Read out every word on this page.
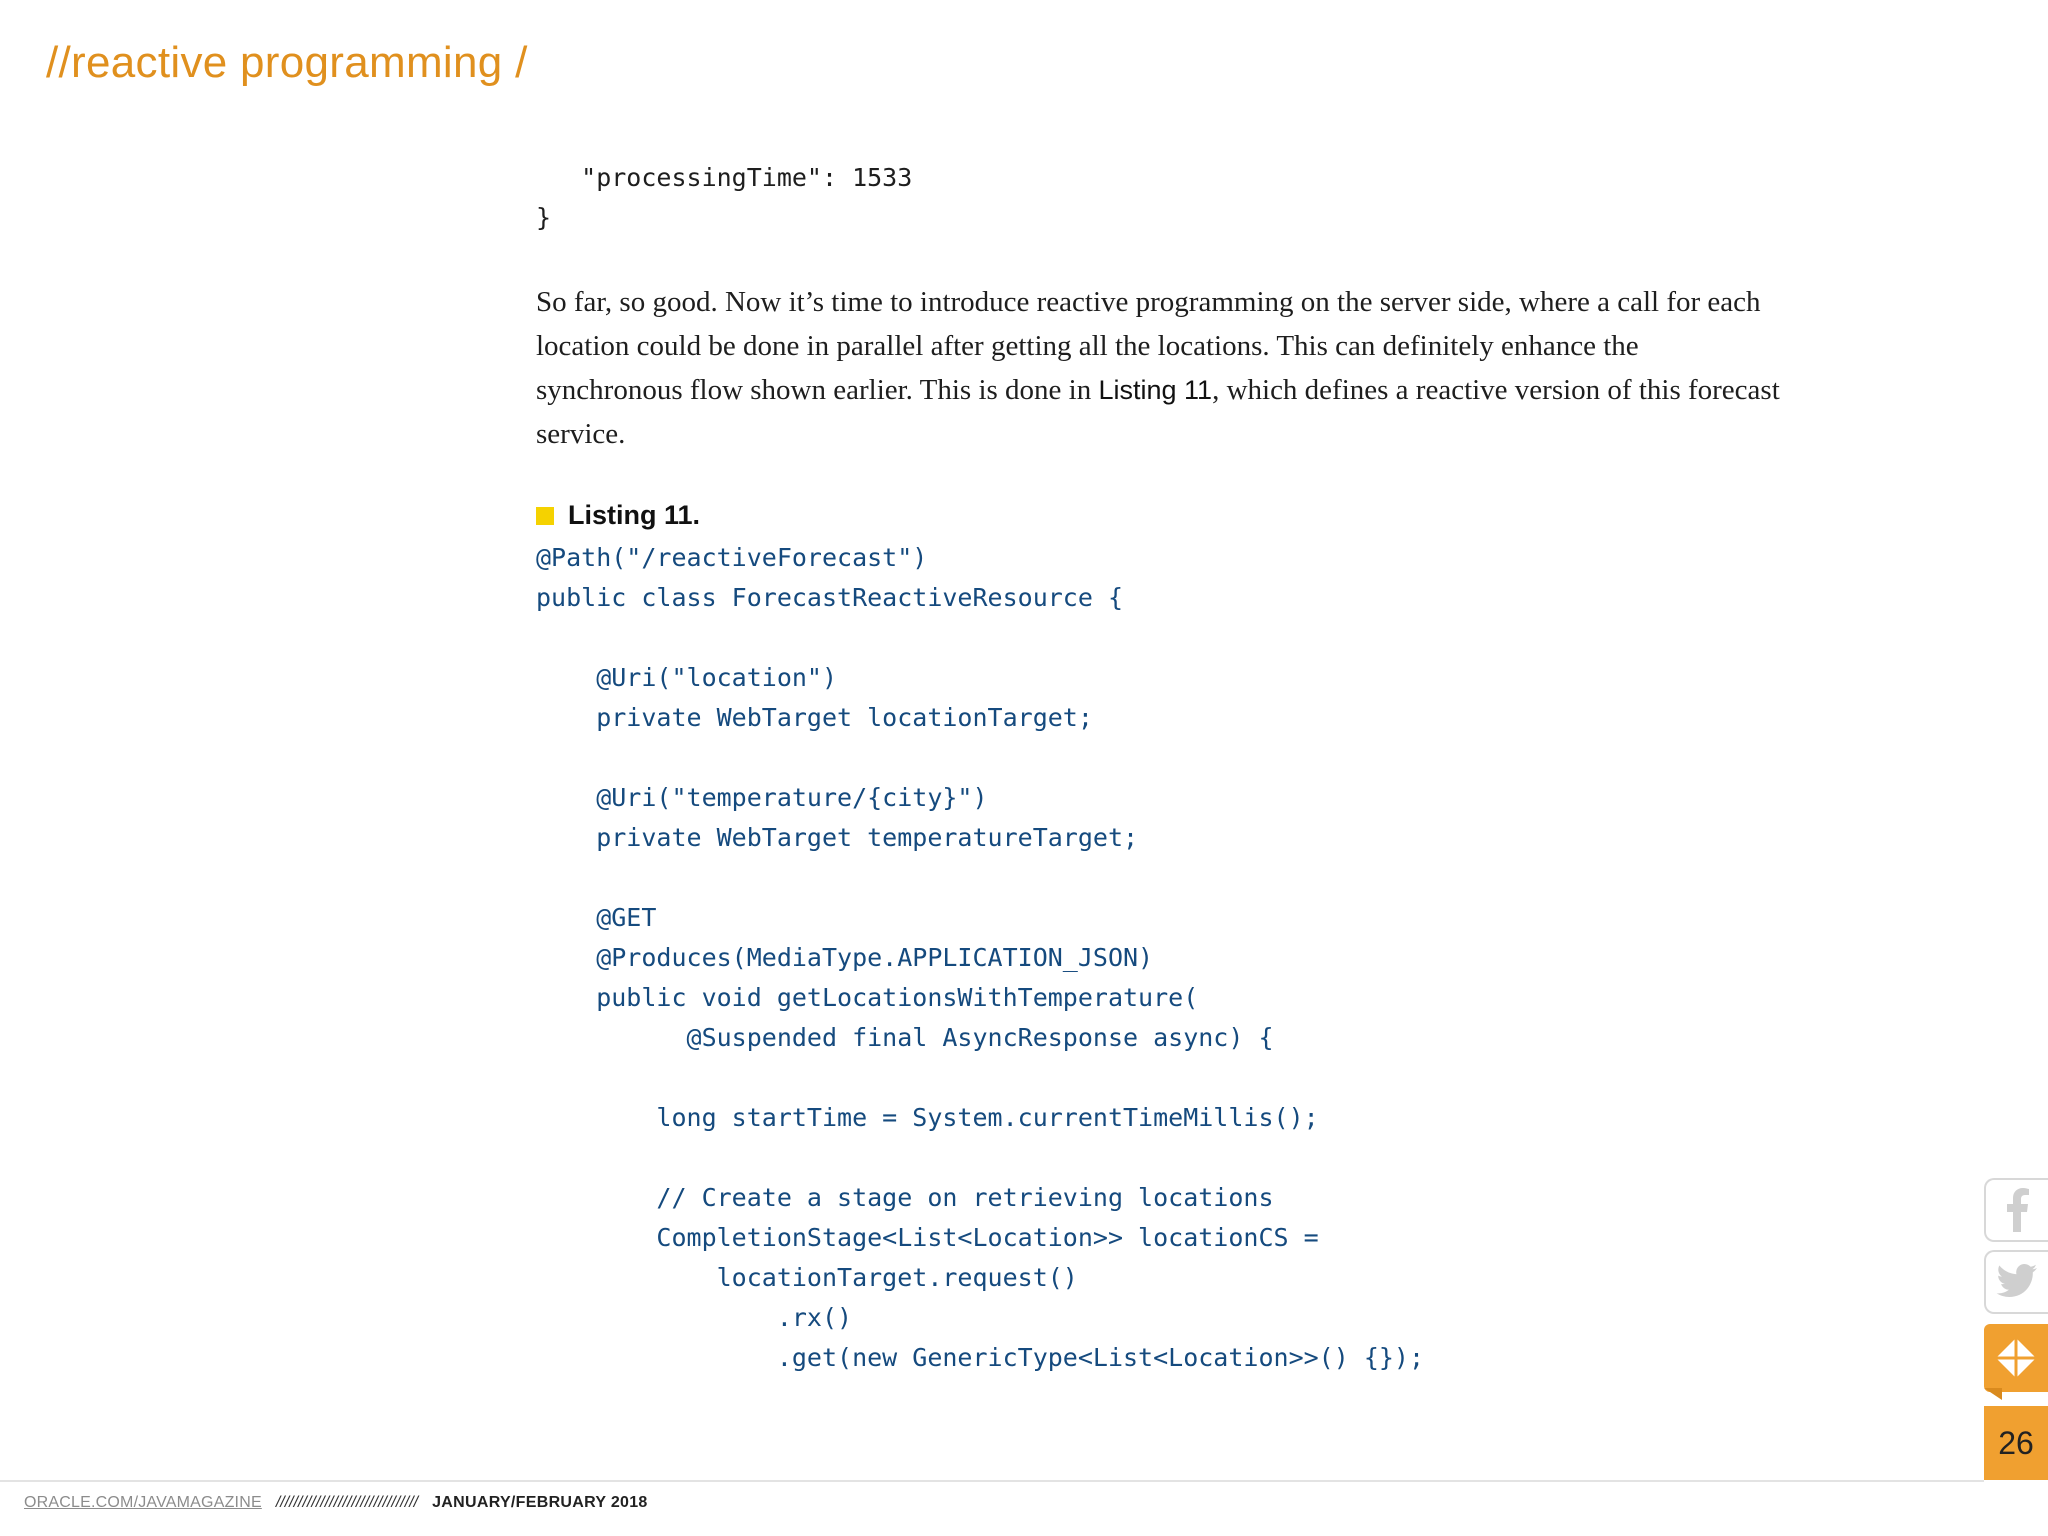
//reactive programming /
"processingTime": 1533
}

So far, so good. Now it’s time to introduce reactive programming on the server side, where a call for each location could be done in parallel after getting all the locations. This can definitely enhance the synchronous flow shown earlier. This is done in Listing 11, which defines a reactive version of this forecast service.

Listing 11.
@Path("/reactiveForecast")
public class ForecastReactiveResource {

@Uri("location")
private WebTarget locationTarget;

@Uri("temperature/{city}")
private WebTarget temperatureTarget;

@GET
@Produces(MediaType.APPLICATION_JSON)
public void getLocationsWithTemperature(
@Suspended final AsyncResponse async) {

long startTime = System.currentTimeMillis();

// Create a stage on retrieving locations
CompletionStage<List<Location>> locationCS =
locationTarget.request()
.rx()
.get(new GenericType<List<Location>>() {});
26
ORACLE.COM/JAVAMAGAZINE //////////////////////////////// JANUARY/FEBRUARY 2018
